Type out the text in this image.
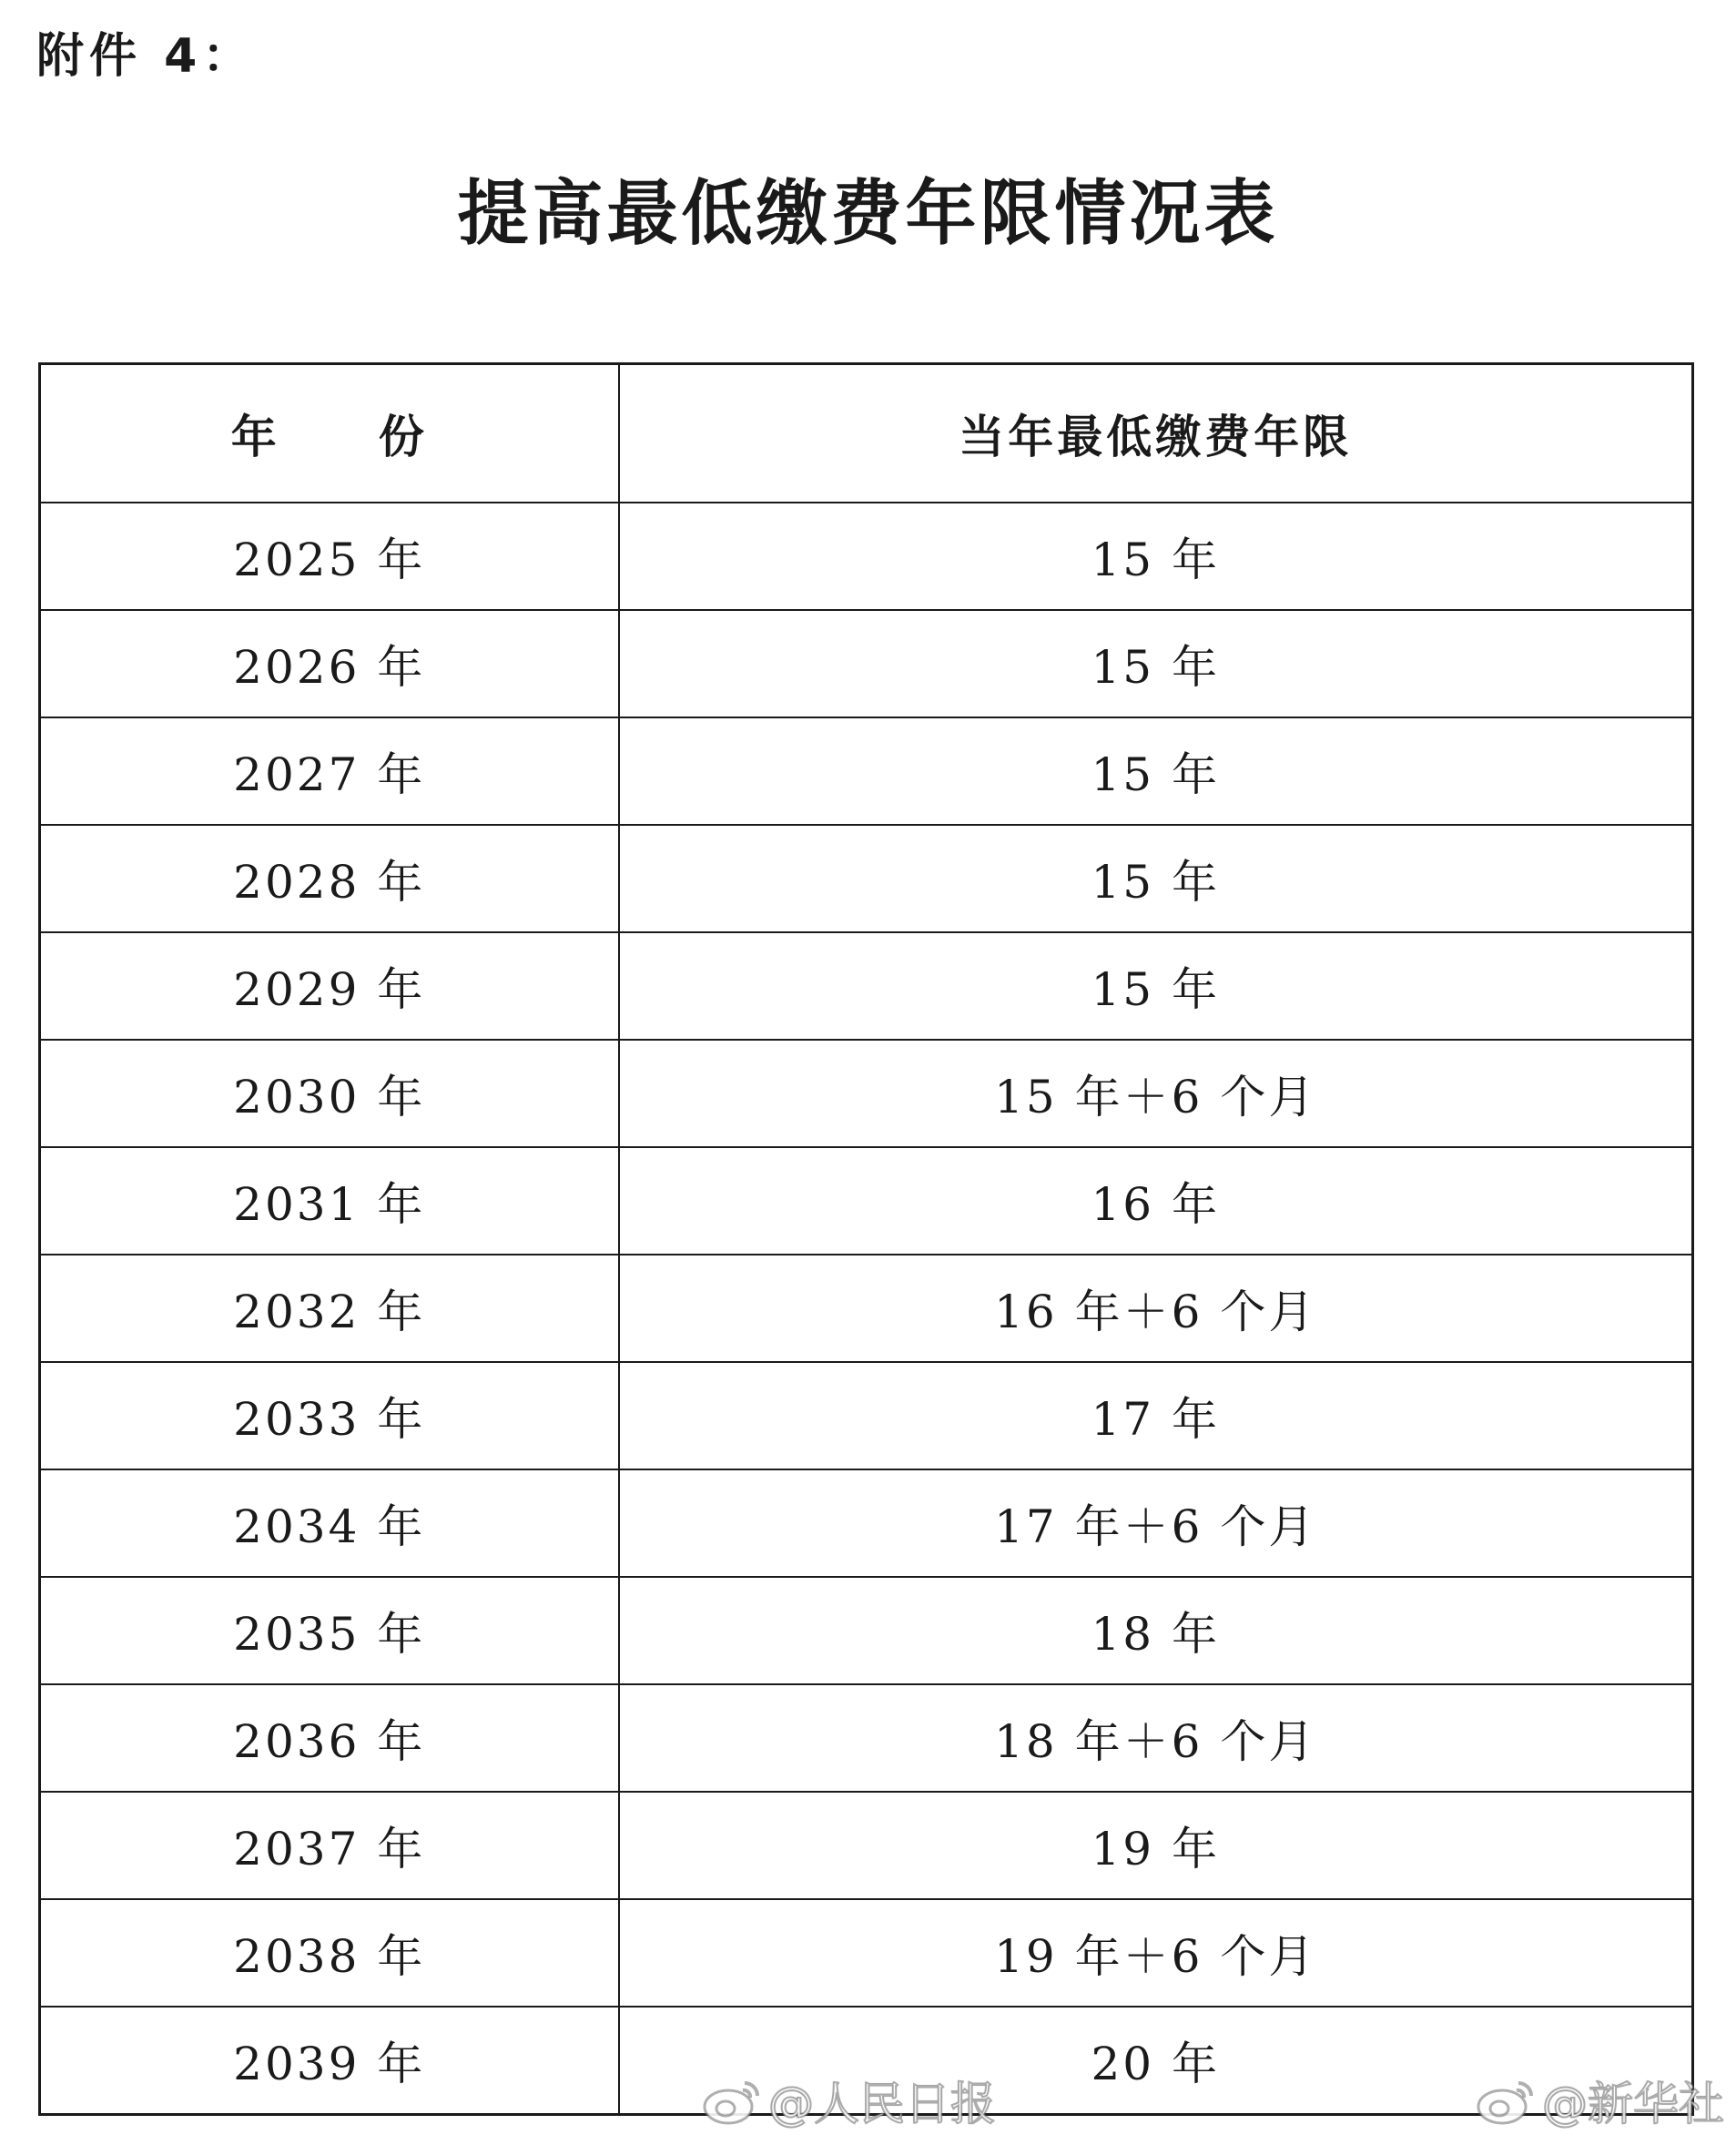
附件 4：
提高最低缴费年限情况表
年　　份	当年最低缴费年限
2025 年	15 年
2026 年	15 年
2027 年	15 年
2028 年	15 年
2029 年	15 年
2030 年	15 年＋6 个月
2031 年	16 年
2032 年	16 年＋6 个月
2033 年	17 年
2034 年	17 年＋6 个月
2035 年	18 年
2036 年	18 年＋6 个月
2037 年	19 年
2038 年	19 年＋6 个月
2039 年	20 年
@人民日报	@新华社
